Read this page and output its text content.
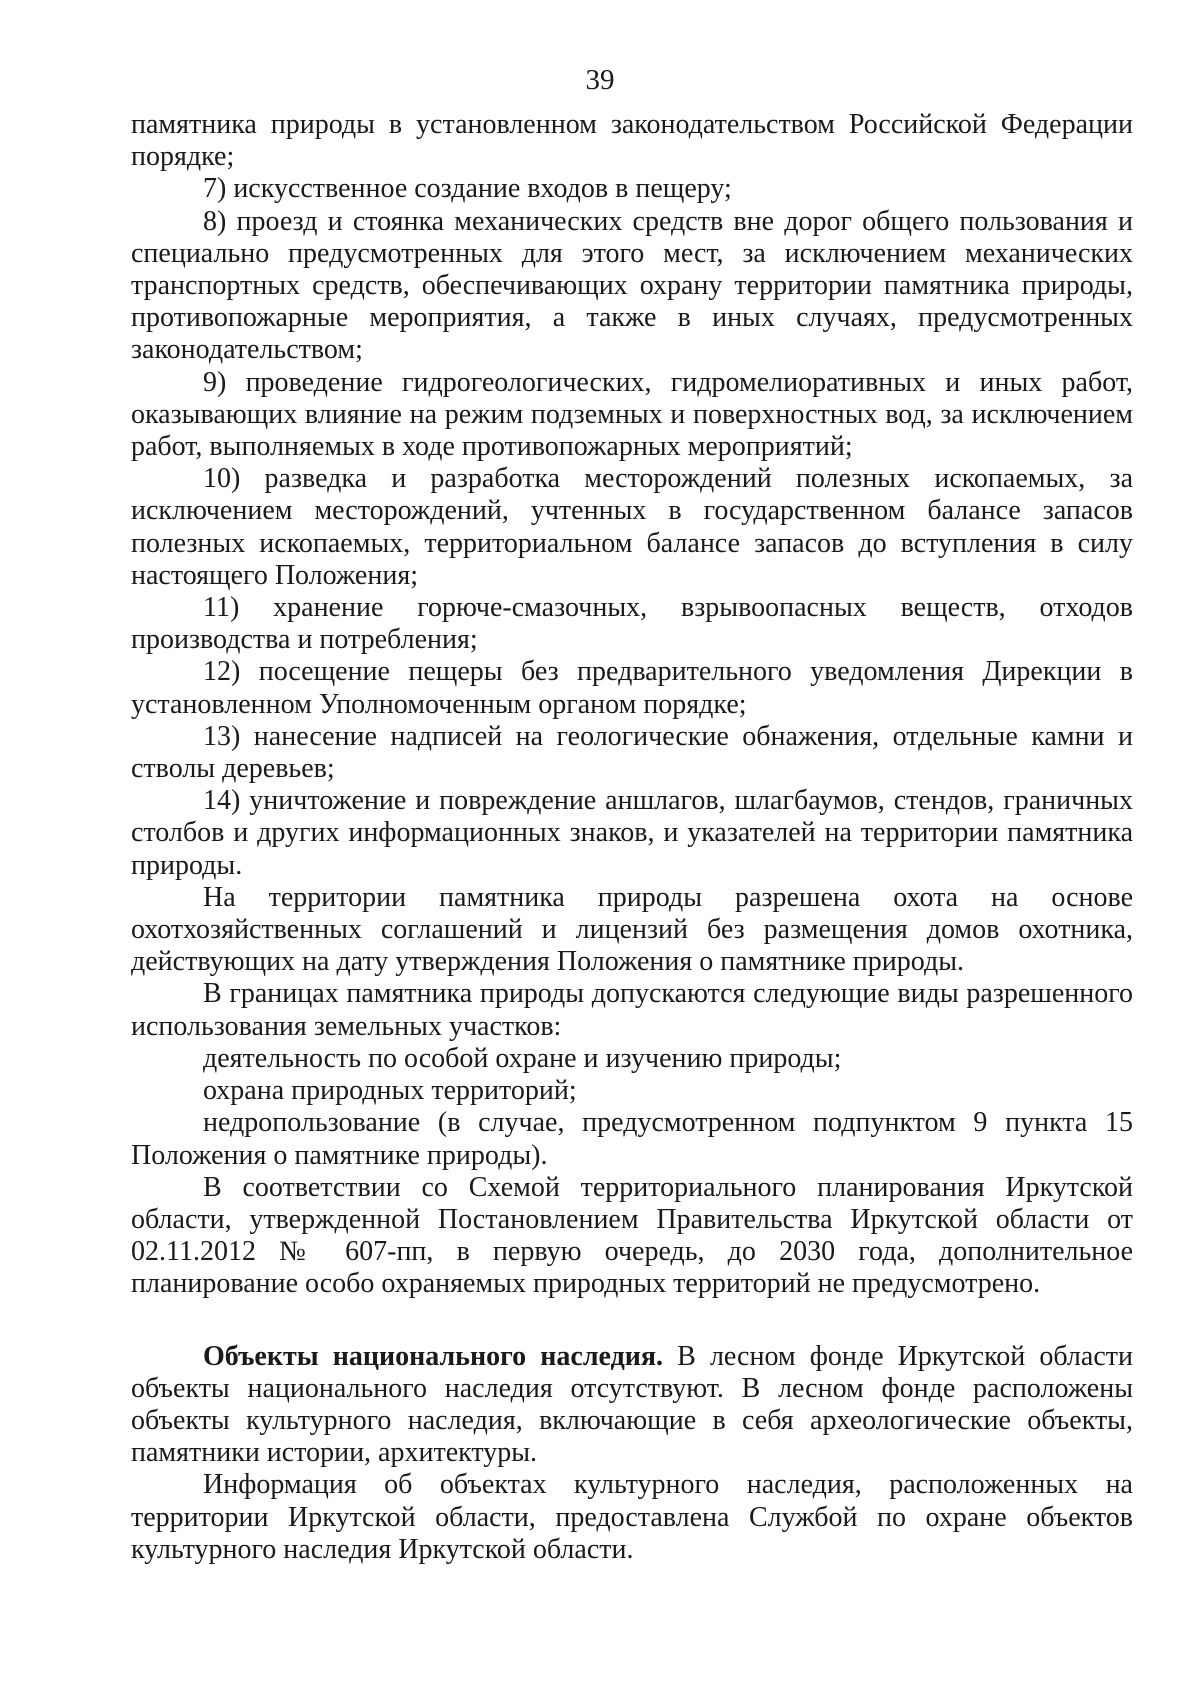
39

памятника природы в установленном законодательством Российской Федерации порядке;

7) искусственное создание входов в пещеру;

8) проезд и стоянка механических средств вне дорог общего пользования и специально предусмотренных для этого мест, за исключением механических транспортных средств, обеспечивающих охрану территории памятника природы, противопожарные мероприятия, а также в иных случаях, предусмотренных законодательством;

9) проведение гидрогеологических, гидромелиоративных и иных работ, оказывающих влияние на режим подземных и поверхностных вод, за исключением работ, выполняемых в ходе противопожарных мероприятий;

10) разведка и разработка месторождений полезных ископаемых, за исключением месторождений, учтенных в государственном балансе запасов полезных ископаемых, территориальном балансе запасов до вступления в силу настоящего Положения;

11) хранение горюче-смазочных, взрывоопасных веществ, отходов производства и потребления;

12) посещение пещеры без предварительного уведомления Дирекции в установленном Уполномоченным органом порядке;

13) нанесение надписей на геологические обнажения, отдельные камни и стволы деревьев;

14) уничтожение и повреждение аншлагов, шлагбаумов, стендов, граничных столбов и других информационных знаков, и указателей на территории памятника природы.

На территории памятника природы разрешена охота на основе охотхозяйственных соглашений и лицензий без размещения домов охотника, действующих на дату утверждения Положения о памятнике природы.

В границах памятника природы допускаются следующие виды разрешенного использования земельных участков:

деятельность по особой охране и изучению природы;

охрана природных территорий;

недропользование (в случае, предусмотренном подпунктом 9 пункта 15 Положения о памятнике природы).

В соответствии со Схемой территориального планирования Иркутской области, утвержденной Постановлением Правительства Иркутской области от 02.11.2012 № 607-пп, в первую очередь, до 2030 года, дополнительное планирование особо охраняемых природных территорий не предусмотрено.

Объекты национального наследия. В лесном фонде Иркутской области объекты национального наследия отсутствуют. В лесном фонде расположены объекты культурного наследия, включающие в себя археологические объекты, памятники истории, архитектуры.

Информация об объектах культурного наследия, расположенных на территории Иркутской области, предоставлена Службой по охране объектов культурного наследия Иркутской области.
